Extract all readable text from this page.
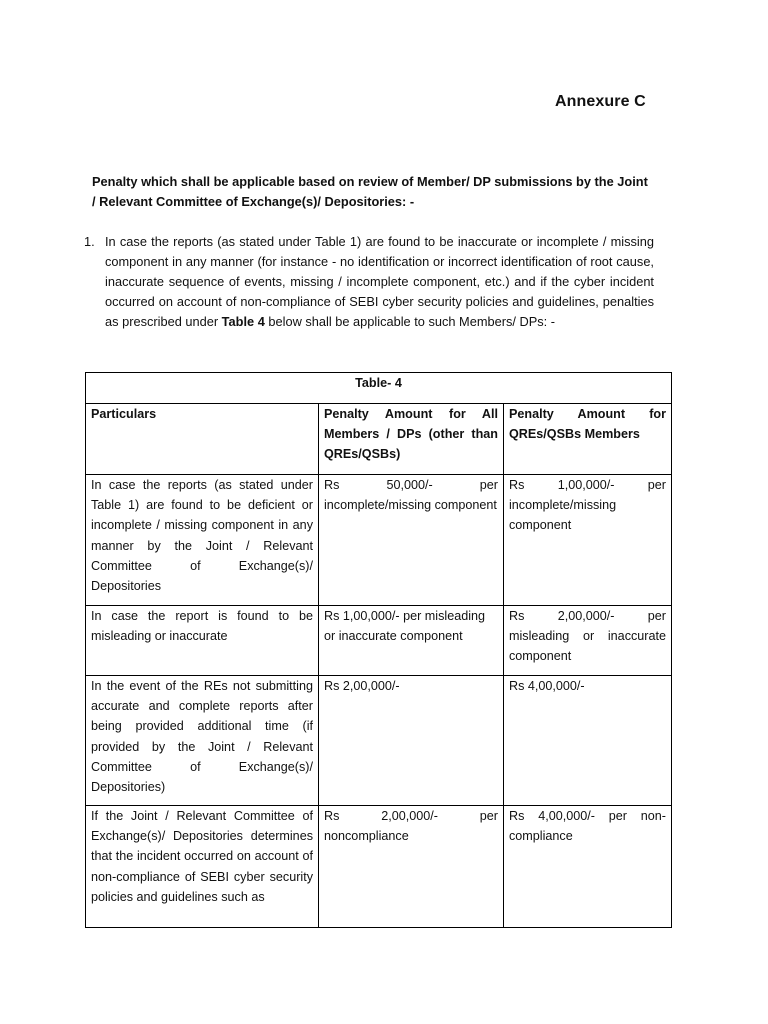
Annexure C
Penalty which shall be applicable based on review of Member/ DP submissions by the Joint / Relevant Committee of Exchange(s)/ Depositories: -
1. In case the reports (as stated under Table 1) are found to be inaccurate or incomplete / missing component in any manner (for instance - no identification or incorrect identification of root cause, inaccurate sequence of events, missing / incomplete component, etc.) and if the cyber incident occurred on account of non-compliance of SEBI cyber security policies and guidelines, penalties as prescribed under Table 4 below shall be applicable to such Members/ DPs: -
Table- 4		
Particulars	Penalty Amount for All Members / DPs (other than QREs/QSBs)	Penalty Amount for QREs/QSBs Members
In case the reports (as stated under Table 1) are found to be deficient or incomplete / missing component in any manner by the Joint / Relevant Committee of Exchange(s)/ Depositories	Rs 50,000/- per incomplete/missing component	Rs 1,00,000/- per incomplete/missing component
In case the report is found to be misleading or inaccurate	Rs 1,00,000/- per misleading or inaccurate component	Rs 2,00,000/- per misleading or inaccurate component
In the event of the REs not submitting accurate and complete reports after being provided additional time (if provided by the Joint / Relevant Committee of Exchange(s)/ Depositories)	Rs 2,00,000/-	Rs 4,00,000/-
If the Joint / Relevant Committee of Exchange(s)/ Depositories determines that the incident occurred on account of non-compliance of SEBI cyber security policies and guidelines such as	Rs 2,00,000/- per noncompliance	Rs 4,00,000/- per non-compliance
